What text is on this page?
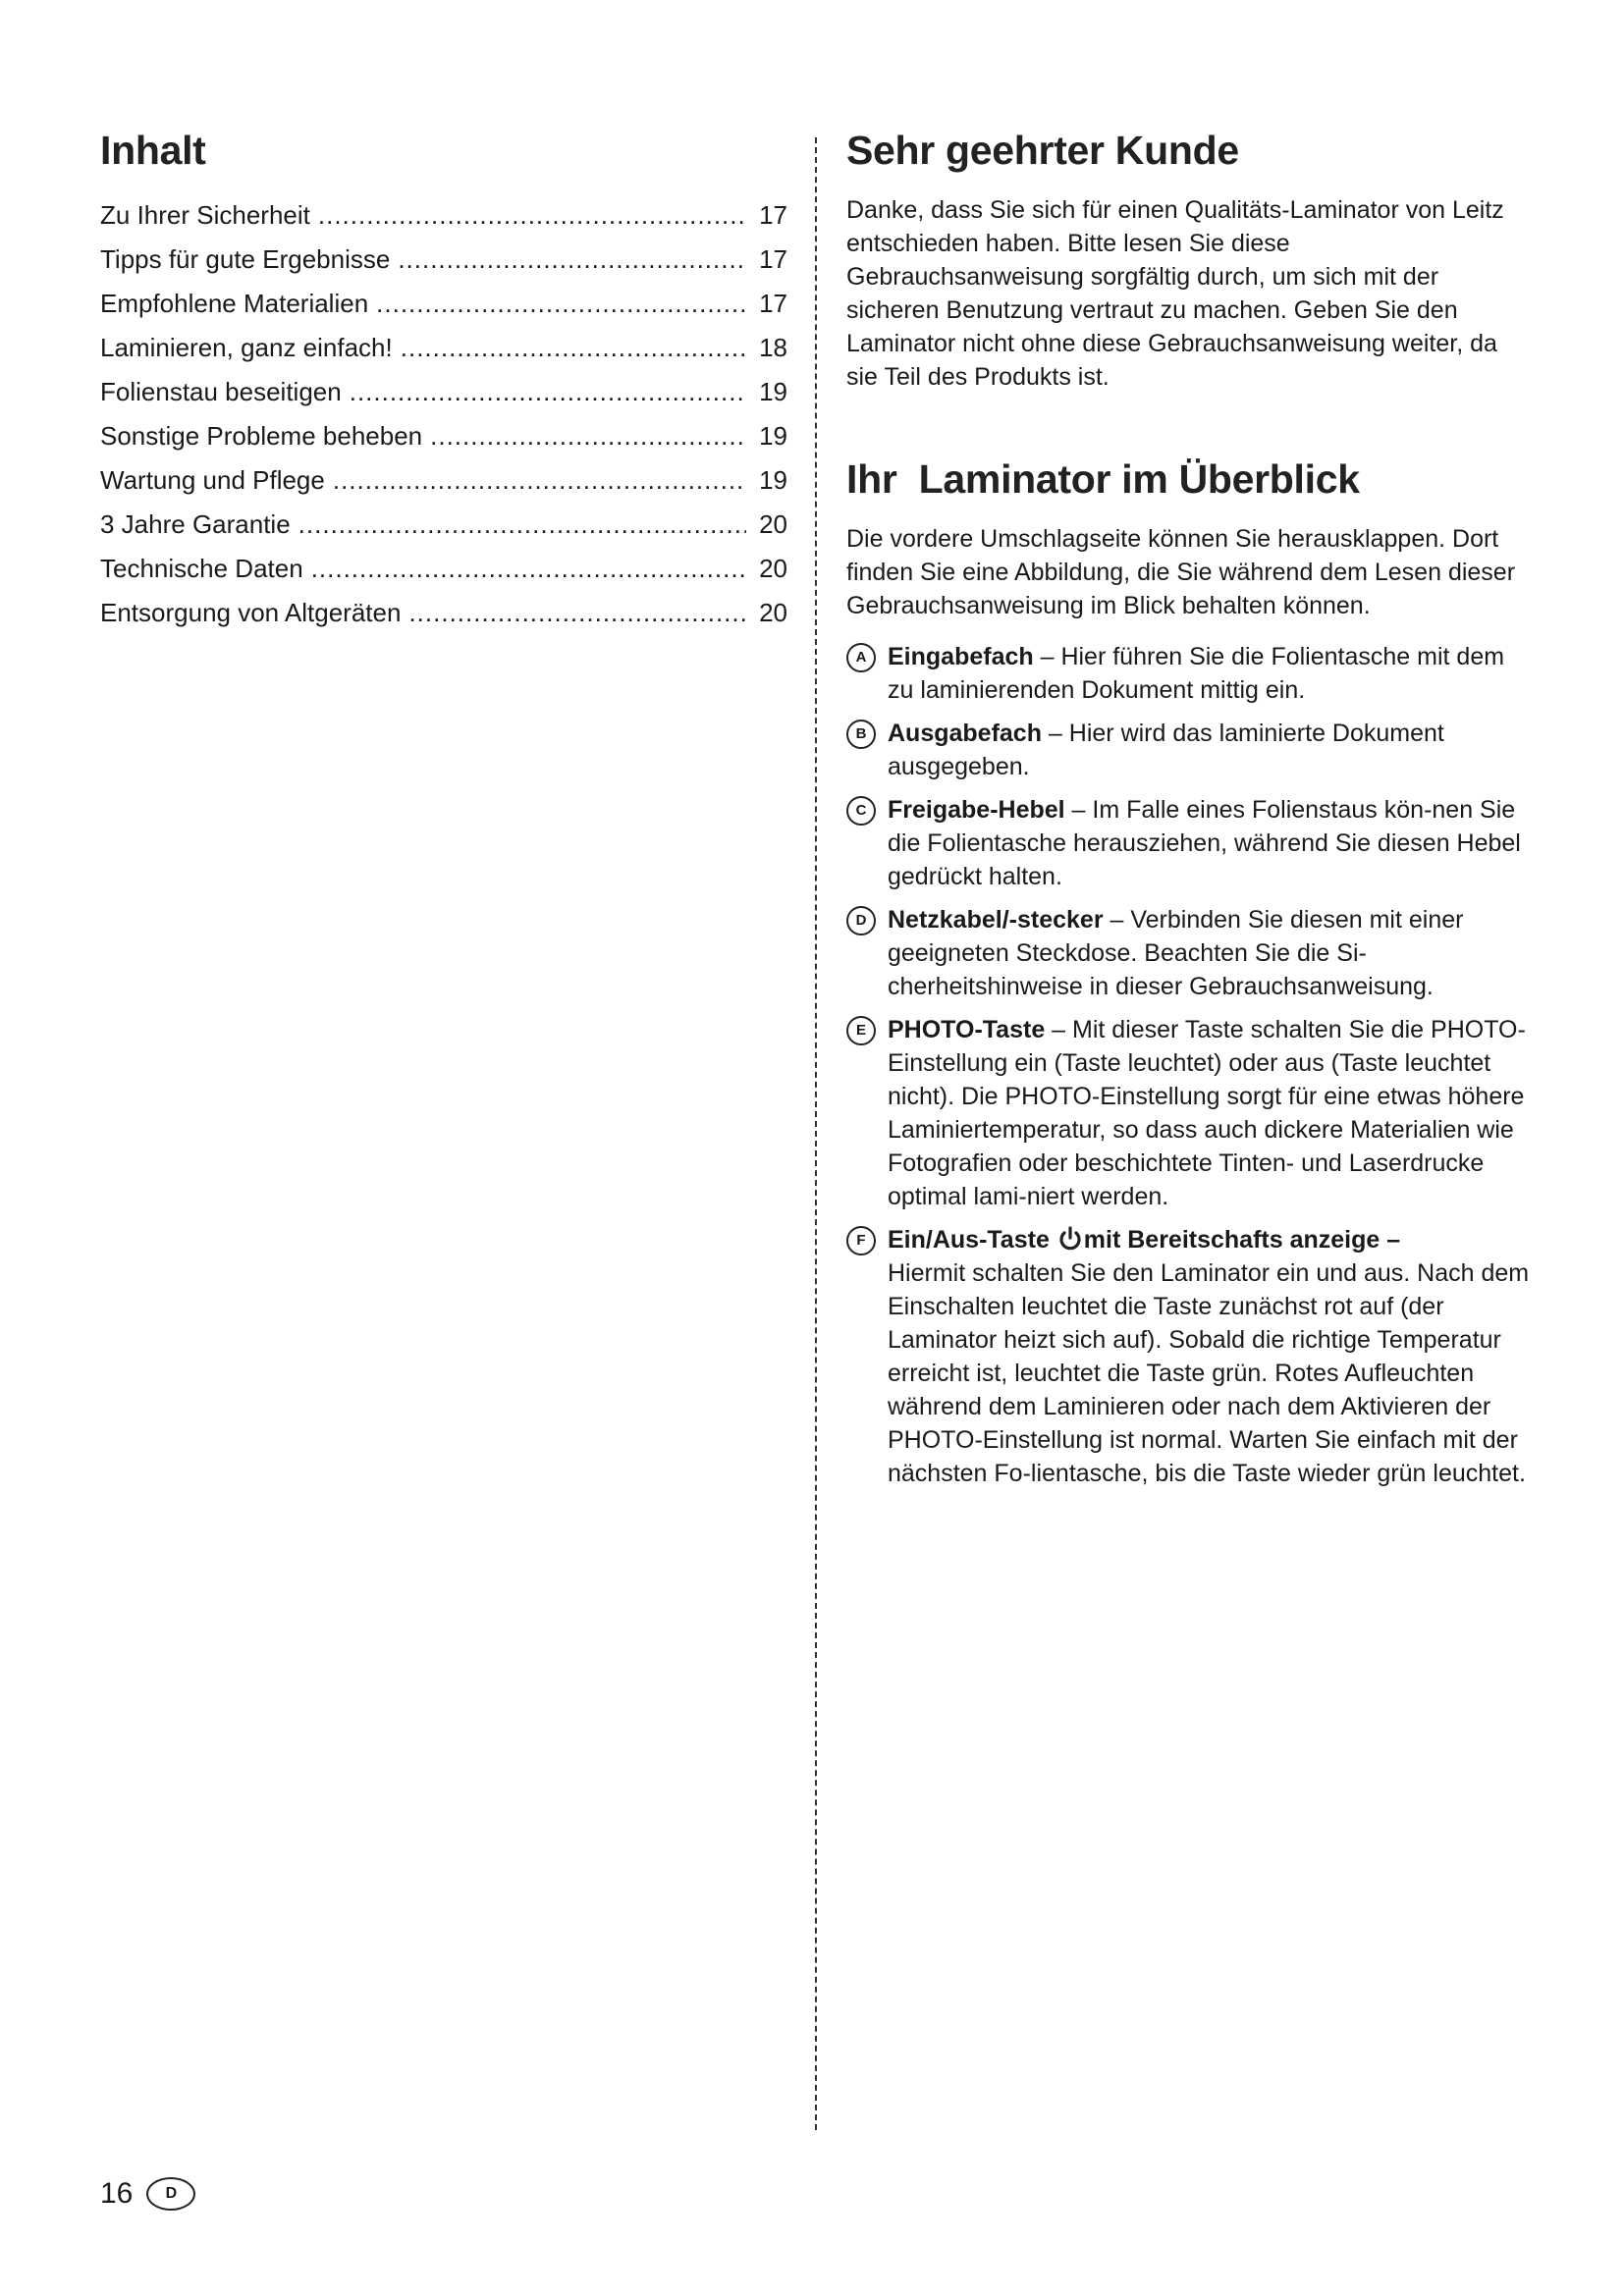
Inhalt
Zu Ihrer Sicherheit .....	17
Tipps für gute Ergebnisse .....	17
Empfohlene Materialien .....	17
Laminieren, ganz einfach! .....	18
Folienstau beseitigen .....	19
Sonstige Probleme beheben .....	19
Wartung und Pflege .....	19
3 Jahre Garantie .....	20
Technische Daten .....	20
Entsorgung von Altgeräten .....	20
Sehr geehrter Kunde

Danke, dass Sie sich für einen Qualitäts-Laminator von Leitz entschieden haben. Bitte lesen Sie diese Gebrauchsanweisung sorgfältig durch, um sich mit der sicheren Benutzung vertraut zu machen. Geben Sie den Laminator nicht ohne diese Gebrauchsanweisung weiter, da sie Teil des Produkts ist.

Ihr  Laminator im Überblick

Die vordere Umschlagseite können Sie herausklappen. Dort finden Sie eine Abbildung, die Sie während dem Lesen dieser Gebrauchsanweisung im Blick behalten können.

A Eingabefach – Hier führen Sie die Folientasche mit dem zu laminierenden Dokument mittig ein.
B Ausgabefach – Hier wird das laminierte Dokument ausgegeben.
C Freigabe-Hebel – Im Falle eines Folienstaus kön-nen Sie die Folientasche herausziehen, während Sie diesen Hebel gedrückt halten.
D Netzkabel/-stecker – Verbinden Sie diesen mit einer geeigneten Steckdose. Beachten Sie die Si-cherheitshinweise in dieser Gebrauchsanweisung.
E PHOTO-Taste – Mit dieser Taste schalten Sie die PHOTO-Einstellung ein (Taste leuchtet) oder aus (Taste leuchtet nicht). Die PHOTO-Einstellung sorgt für eine etwas höhere Laminiertemperatur, so dass auch dickere Materialien wie Fotografien oder beschichtete Tinten- und Laserdrucke optimal lami-niert werden.
F Ein/Aus-Taste mit Bereitschafts anzeige –
Hiermit schalten Sie den Laminator ein und aus. Nach dem Einschalten leuchtet die Taste zunächst rot auf (der Laminator heizt sich auf). Sobald die richtige Temperatur erreicht ist, leuchtet die Taste grün. Rotes Aufleuchten während dem Laminieren oder nach dem Aktivieren der PHOTO-Einstellung ist normal. Warten Sie einfach mit der nächsten Fo-lientasche, bis die Taste wieder grün leuchtet.
16	D
